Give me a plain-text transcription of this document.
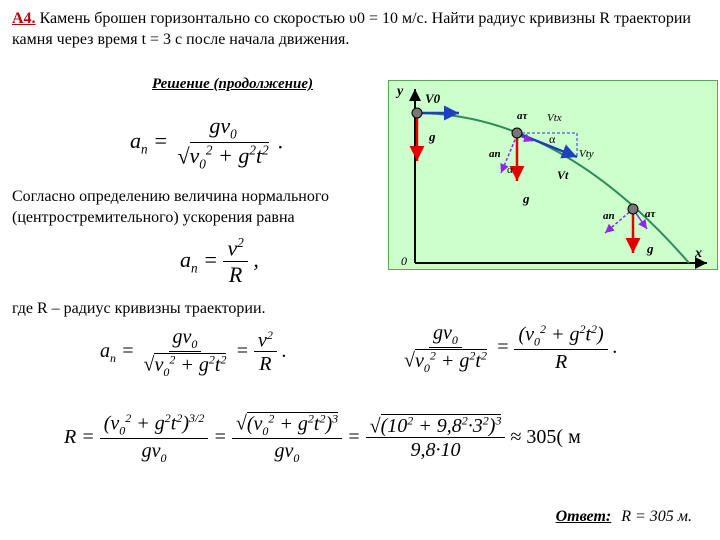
А4. Камень брошен горизонтально со скоростью υ0 = 10 м/с. Найти радиус кривизны R траектории камня через время t = 3 с после начала движения.
Решение (продолжение)
$a_n = \frac{gv_0}{√v_0^2 + g^2t^2}$ .
Согласно определению величина нормального (центростремительного) ускорения равна
$a_n = \frac{v^2}{R}$ ,
где R – радиус кривизны траектории.
$a_n = \frac{gv_0}{√v_0^2 + g^2t^2} = \frac{v^2}{R}$ .	$\frac{gv_0}{√v_0^2 + g^2t^2} = \frac{(v_0^2 + g^2t^2)}{R}$ .
$R = \frac{(v_0^2 + g^2t^2)^{3/2}}{gv_0} = \frac{√(v_0^2 + g^2t^2)^3}{gv_0} = \frac{√(10^2 + 9,8^2\cdot 3^2)^3}{9,8\cdot 10} \approx 305$( м
Ответ: R = 305 м.
y
x
0
V0
g
aτ Vtx
α
Vty
an
α	Vt
g
an	aτ
g
